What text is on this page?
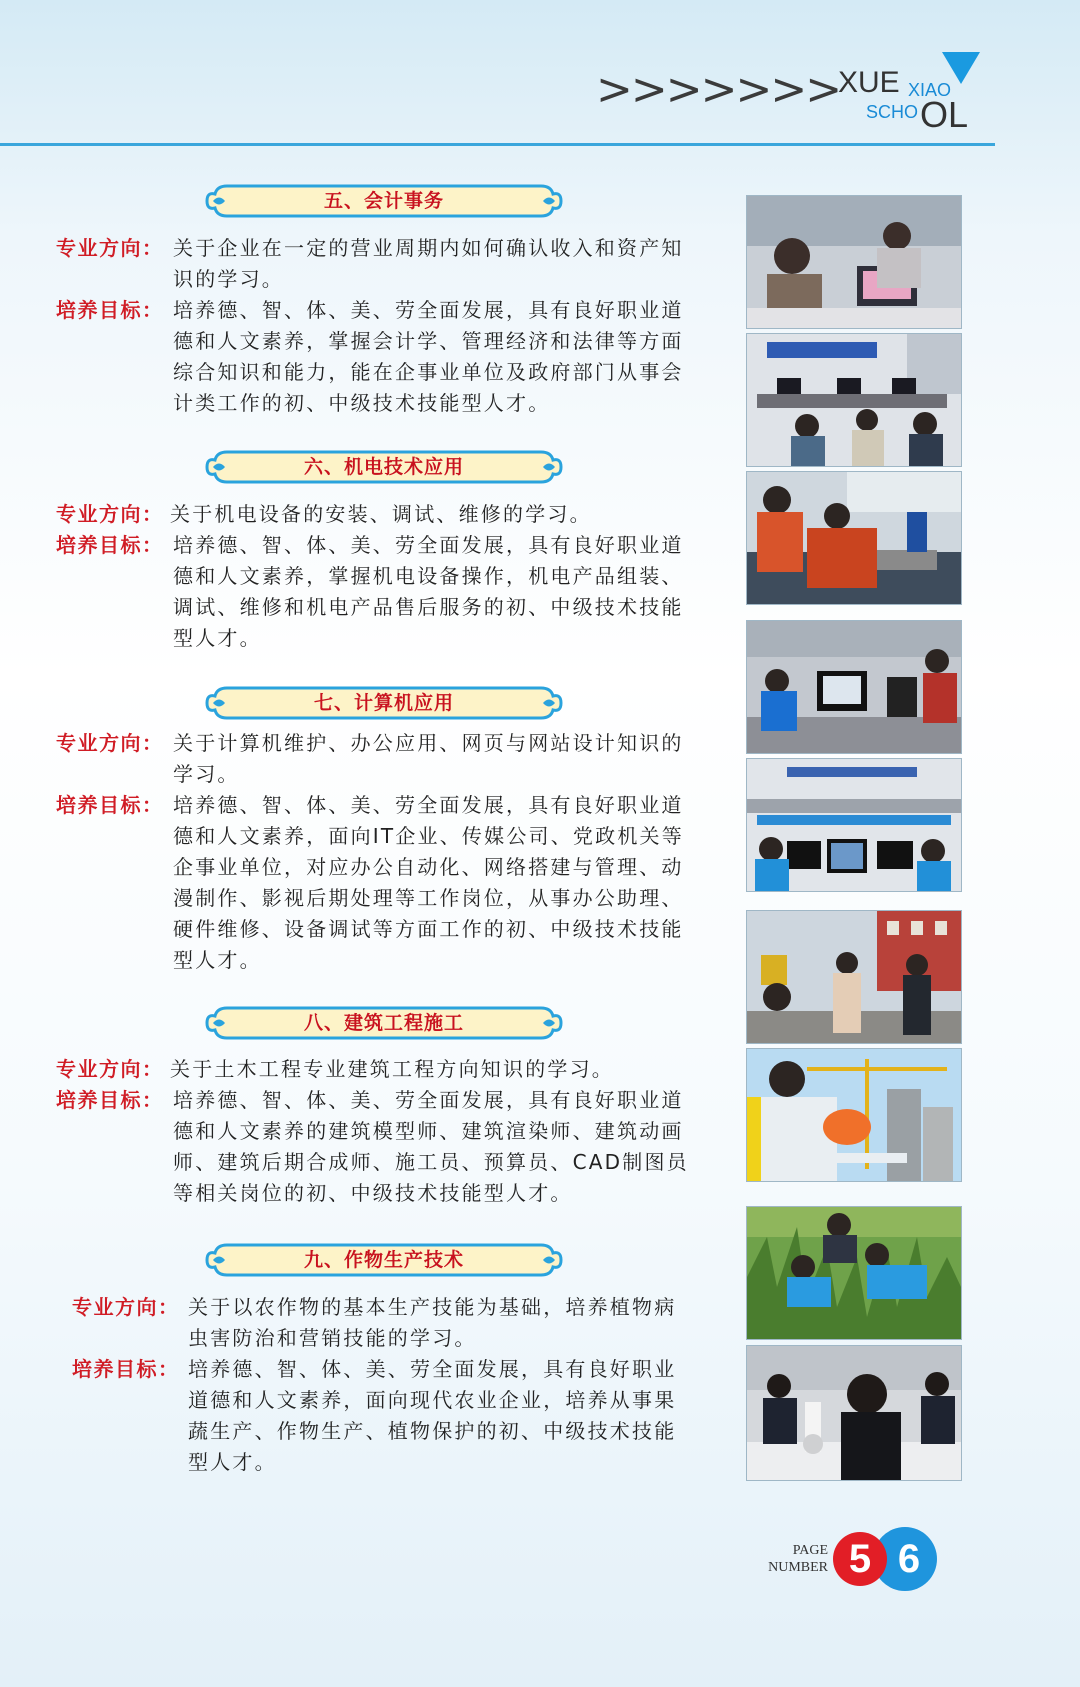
>>>>>>>
XUE XIAO
SCHO OL
五、会计事务
六、机电技术应用
七、计算机应用
八、建筑工程施工
九、作物生产技术
专业方向： 关于企业在一定的营业周期内如何确认收入和资产知
识的学习。
培养目标： 培养德、智、体、美、劳全面发展，具有良好职业道
德和人文素养，掌握会计学、管理经济和法律等方面
综合知识和能力，能在企事业单位及政府部门从事会
计类工作的初、中级技术技能型人才。
专业方向： 关于机电设备的安装、调试、维修的学习。
培养目标： 培养德、智、体、美、劳全面发展，具有良好职业道
德和人文素养，掌握机电设备操作，机电产品组装、
调试、维修和机电产品售后服务的初、中级技术技能
型人才。
专业方向： 关于计算机维护、办公应用、网页与网站设计知识的
学习。
培养目标： 培养德、智、体、美、劳全面发展，具有良好职业道
德和人文素养，面向IT企业、传媒公司、党政机关等
企事业单位，对应办公自动化、网络搭建与管理、动
漫制作、影视后期处理等工作岗位，从事办公助理、
硬件维修、设备调试等方面工作的初、中级技术技能
型人才。
专业方向： 关于土木工程专业建筑工程方向知识的学习。
培养目标： 培养德、智、体、美、劳全面发展，具有良好职业道
德和人文素养的建筑模型师、建筑渲染师、建筑动画
师、建筑后期合成师、施工员、预算员、CAD制图员
等相关岗位的初、中级技术技能型人才。
专业方向： 关于以农作物的基本生产技能为基础，培养植物病
虫害防治和营销技能的学习。
培养目标： 培养德、智、体、美、劳全面发展，具有良好职业
道德和人文素养，面向现代农业企业，培养从事果
蔬生产、作物生产、植物保护的初、中级技术技能
型人才。
PAGE
NUMBER	6
5
